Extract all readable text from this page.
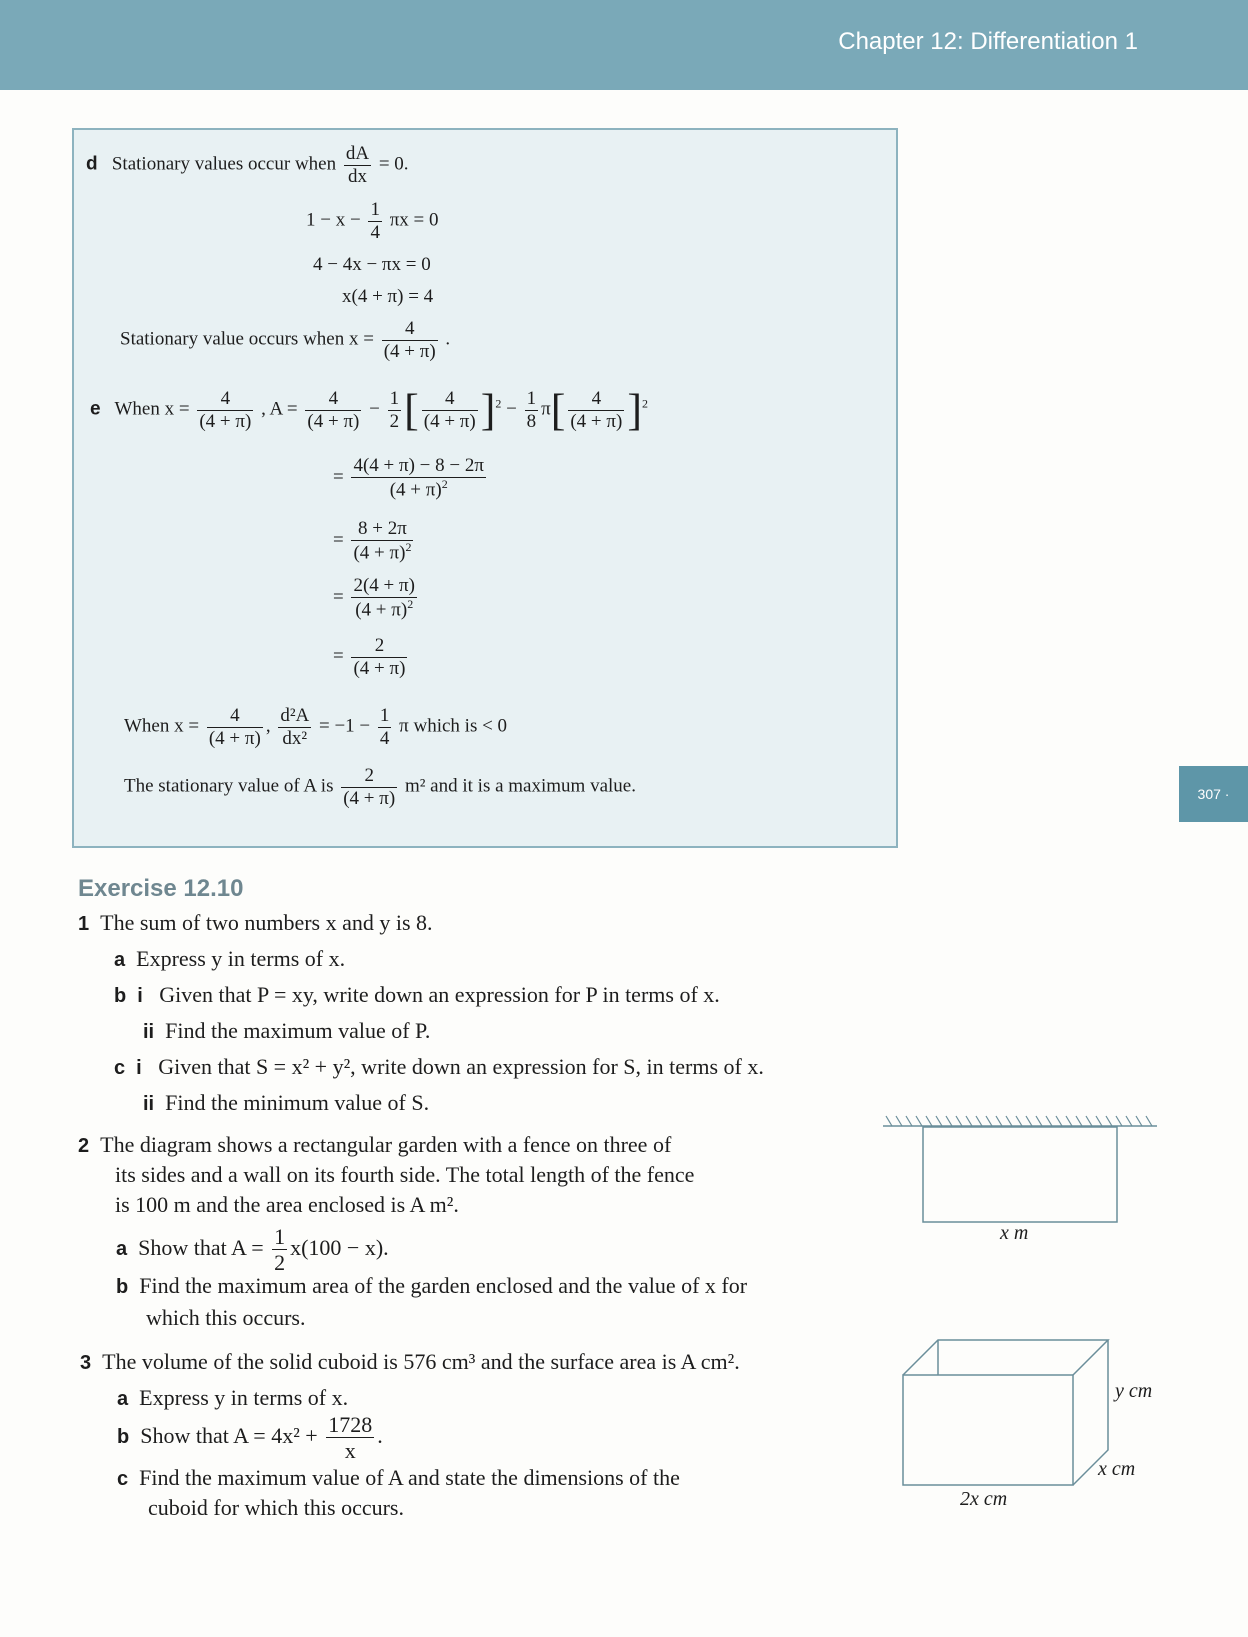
Chapter 12: Differentiation 1
307 ·
d Stationary values occur when $\frac{dA}{dx} = 0$.
$1 - x - \frac{1}{4}$ πx = 0
4 − 4x − πx = 0
x(4 + π) = 4
Stationary value occurs when $x = \frac{4}{(4 + \pi)}$ .
e When $x = \frac{4}{(4 + \pi)}$ , $A = \frac{4}{(4 + \pi)} - \frac{1}{2}$ [ $\frac{4}{(4 + \pi)} ]^2 - \frac{1}{8} \pi[ \frac{4}{(4 + \pi)} ]^2$
= $\frac{4(4 + \pi) - 8 - 2\pi}{(4 + \pi)^2}$
= $\frac{8 + 2\pi}{(4 + \pi)^2}$
= $\frac{2(4 + \pi)}{(4 + \pi)^2}$
= $\frac{2}{(4 + \pi)}$
When $x = \frac{4}{(4 + \pi)}$ , $\frac{\text{d²A}}{\text{dx²}} = -1 - \frac{1}{4}$ π which is < 0
The stationary value of A is $\frac{2}{(4 + \pi)} m^2$ and it is a maximum value.
Exercise 12.10
1 The sum of two numbers x and y is 8.
a Express y in terms of x.
b i Given that P = xy, write down an expression for P in terms of x.
ii Find the maximum value of P.
c i Given that S = x² + y², write down an expression for S, in terms of x.
ii Find the minimum value of S.
2 The diagram shows a rectangular garden with a fence on three of
its sides and a wall on its fourth side. The total length of the fence
is 100 m and the area enclosed is A m².
a Show that $A = \frac{1}{2} x(100 - x)$.
b Find the maximum area of the garden enclosed and the value of x for
which this occurs.
x m
3 The volume of the solid cuboid is 576 cm³ and the surface area is A cm².
a Express y in terms of x.
b Show that $A = 4x^2 + \frac{1728}{x}$ .
c Find the maximum value of A and state the dimensions of the
cuboid for which this occurs.
y cm
x cm
2x cm
